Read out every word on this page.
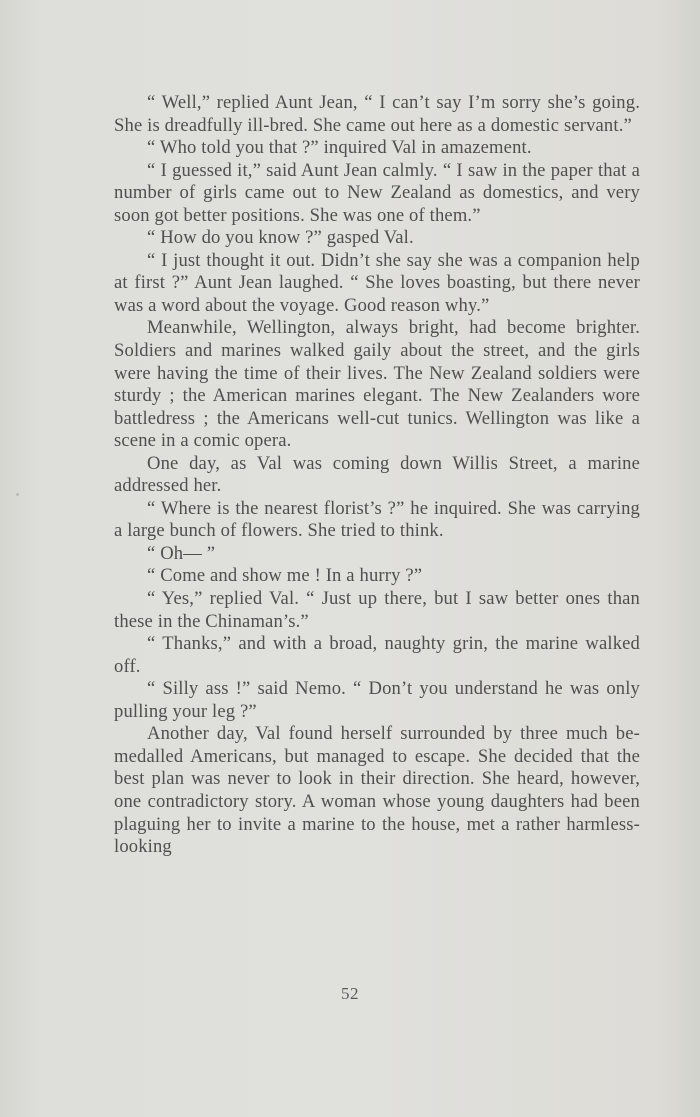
“ Well,” replied Aunt Jean, “ I can’t say I’m sorry she’s going. She is dreadfully ill-bred. She came out here as a domestic servant.”

“ Who told you that ?” inquired Val in amazement.

“ I guessed it,” said Aunt Jean calmly. “ I saw in the paper that a number of girls came out to New Zealand as domestics, and very soon got better positions. She was one of them.”

“ How do you know ?” gasped Val.

“ I just thought it out. Didn’t she say she was a companion help at first ?” Aunt Jean laughed. “ She loves boasting, but there never was a word about the voyage. Good reason why.”

Meanwhile, Wellington, always bright, had become brighter. Soldiers and marines walked gaily about the street, and the girls were having the time of their lives. The New Zealand soldiers were sturdy ; the American marines elegant. The New Zealanders wore battledress ; the Americans well-cut tunics. Wellington was like a scene in a comic opera.

One day, as Val was coming down Willis Street, a marine addressed her.

“ Where is the nearest florist’s ?” he inquired. She was carrying a large bunch of flowers. She tried to think.

“ Oh— ”

“ Come and show me ! In a hurry ?”

“ Yes,” replied Val. “ Just up there, but I saw better ones than these in the Chinaman’s.”

“ Thanks,” and with a broad, naughty grin, the marine walked off.

“ Silly ass !” said Nemo. “ Don’t you understand he was only pulling your leg ?”

Another day, Val found herself surrounded by three much be-medalled Americans, but managed to escape. She decided that the best plan was never to look in their direction. She heard, however, one contradictory story. A woman whose young daughters had been plaguing her to invite a marine to the house, met a rather harmless-looking

52
